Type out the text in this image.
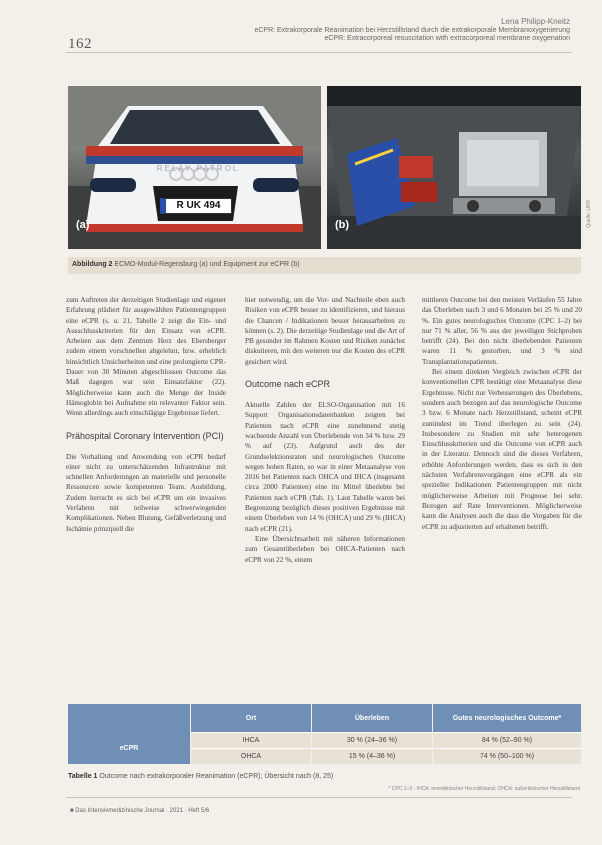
162
Lena Philipp-Kneitz
eCPR: Extrakorporale Reanimation bei Herzstillstand durch die extrakorporale Membranoxygenierung
eCPR: Extracorporeal resuscitation with extracorporeal membrane oxygenation
RELAY PATROL
R UK 494
(a)	(b)	Quelle: UKR
Abbildung 2 ECMO-Modul-Regensburg (a) und Equipment zur eCPR (b)

zum Auftreten der derzeitigen Studienlage und eigener Erfahrung plädiert für ausgewählten Patientengruppen eine eCPR (s. u. 21, Tabelle 2 zeigt die Ein- und Ausschlusskriterien für den Einsatz von eCPR. Arbeiten aus dem Zentrum Herz des Ebersberger zudem einem vorschnellen abgelehnt, bzw. erheblich hinsichtlich Unsicherheiten und eine prolongierte CPR-Dauer von 30 Minuten abgeschlossen Outcome das Maß dagegen war sein Einsatzfaktor (22). Möglicherweise kann auch die Menge der Inside Hämoglobin bei Aufnahme ein relevanter Faktor sein. Wenn allerdings auch einschlägige Ergebnisse liefert.

Prähospital Coronary Intervention (PCI)

Die Vorhaltung und Anwendung von eCPR bedarf einer nicht zu unterschätzenden Infrastruktur mit schnellen Anforderungen an materielle und personelle Ressourcen sowie kompetenten Team. Ausbildung, Zudem herrscht es sich bei eCPR um ein invasives Verfahren mit teilweise schwerwiegenden Komplikationen. Neben Blutung, Gefäßverletzung und Ischämie prinzipiell die

hier notwendig, um die Vor- und Nachteile eben auch Risiken von eCPR besser zu identifizieren, und hieraus die Chancen / Indikationen besser herausarbeiten zu können (s. 2). Die derzeitige Studienlage und die Art of PB gesunder im Rahmen Kosten und Risiken zunächst diskutieren, mit den weiteren nur die Kosten des eCPR gesichert wird.

Outcome nach eCPR

Aktuelle Zahlen der ELSO-Organisation mit 16 Support Organisationsdatenbanken zeigten bei Patienten nach eCPR eine zunehmend stetig wachsende Anzahl von Überlebende von 34 % bzw. 29 % auf (23). Aufgrund auch des der Grundselektionsraten und neurologischen Outcome wegen hohen Raten, so war in einer Metaanalyse von 2016 bei Patienten nach OHCA und IHCA (insgesamt circa 2000 Patienten) eine im Mittel überlebte bei Patienten nach eCPR (Tab. 1). Laut Tabelle waren bei Begrenzung bezüglich dieses positiven Ergebnisse mit einem Überleben von 14 % (OHCA) und 29 % (IHCA) nach eCPR (21).

Eine Übersichtsarbeit mit näheren Informationen zum Gesamtüberleben bei OHCA-Patienten nach eCPR von 22 %, einem

mittleren Outcome bei den meisten Verläufen 55 Jahre das Überleben nach 3 und 6 Monaten bei 25 % und 20 %. Ein gutes neurologisches Outcome (CPC 1–2) bei nur 71 % aller, 56 % aus der jeweiligen Stichproben betrifft (24). Bei den nicht überlebenden Patienten waren 11 % gestorben, und 3 % sind Transplantationspatienten.

Bei einem direkten Vergleich zwischen eCPR der konventionellen CPR bestätigt eine Metaanalyse diese Ergebnisse. Nicht nur Verbesserungen des Überlebens, sondern auch bezogen auf das neurologische Outcome 3 bzw. 6 Monate nach Herzstillstand, scheint eCPR zumindest im Trend überlegen zu sein (24). Insbesondere zu Studien mit sehr heterogenen Einschlusskriterien und die Outcome von eCPR auch in der Literatur. Dennoch sind die dieses Verfahren, erhöhte Anforderungen werden, dass es sich in den nächsten Verfahrensvorgängen eine eCPR als ein spezieller Indikationen Patientengruppen mit nicht möglicherweise Arbeiten mit Prognose bei sehr. Bezogen auf Rate Interventionen. Möglicherweise kann die Analysen auch die dass die Vorgaben für die eCPR zu adjustierten auf erhaltenen betrifft.

Ort	Überleben	Gutes neurologisches Outcome*
eCPR
IHCA	30 % (24–36 %)	84 % (52–90 %)
OHCA	15 % (4–36 %)	74 % (50–100 %)
Tabelle 1 Outcome nach extrakorporaler Reanimation (eCPR); Übersicht nach (8, 25)
* CPC 1–2 · IHCA: innerklinischer Herzstillstand; OHCA: außerklinischer Herzstillstand
■ Das Intensivmedizinische Journal · 2021 · Heft 5/6
